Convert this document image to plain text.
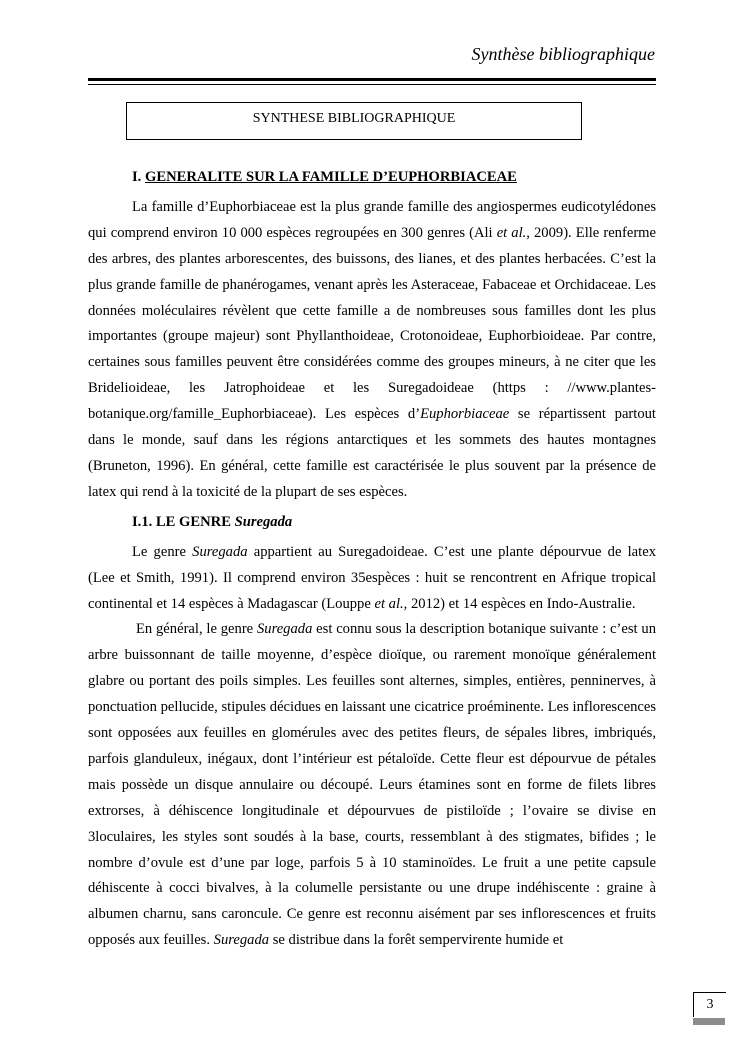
Synthèse bibliographique
SYNTHESE BIBLIOGRAPHIQUE

I. GENERALITE SUR LA FAMILLE D’EUPHORBIACEAE

La famille d’Euphorbiaceae est la plus grande famille des angiospermes eudicotylédones qui comprend environ 10 000 espèces regroupées en 300 genres (Ali et al., 2009). Elle renferme des arbres, des plantes arborescentes, des buissons, des lianes, et des plantes herbacées. C’est la plus grande famille de phanérogames, venant après les Asteraceae, Fabaceae et Orchidaceae. Les données moléculaires révèlent que cette famille a de nombreuses sous familles dont les plus importantes (groupe majeur) sont Phyllanthoideae, Crotonoideae, Euphorbioideae. Par contre, certaines sous familles peuvent être considérées comme des groupes mineurs, à ne citer que les Bridelioideae, les Jatrophoideae et les Suregadoideae (https : //www.plantes-botanique.org/famille_Euphorbiaceae). Les espèces d’Euphorbiaceae se répartissent partout dans le monde, sauf dans les régions antarctiques et les sommets des hautes montagnes (Bruneton, 1996). En général, cette famille est caractérisée le plus souvent par la présence de latex qui rend à la toxicité de la plupart de ses espèces.

I.1. LE GENRE Suregada

Le genre Suregada appartient au Suregadoideae. C’est une plante dépourvue de latex (Lee et Smith, 1991). Il comprend environ 35espèces : huit se rencontrent en Afrique tropical continental et 14 espèces à Madagascar (Louppe et al., 2012) et 14 espèces en Indo-Australie.

En général, le genre Suregada est connu sous la description botanique suivante : c’est un arbre buissonnant de taille moyenne, d’espèce dioïque, ou rarement monoïque généralement glabre ou portant des poils simples. Les feuilles sont alternes, simples, entières, penninerves, à ponctuation pellucide, stipules décidues en laissant une cicatrice proéminente. Les inflorescences sont opposées aux feuilles en glomérules avec des petites fleurs, de sépales libres, imbriqués, parfois glanduleux, inégaux, dont l’intérieur est pétaloïde. Cette fleur est dépourvue de pétales mais possède un disque annulaire ou découpé. Leurs étamines sont en forme de filets libres extrorses, à déhiscence longitudinale et dépourvues de pistiloïde ; l’ovaire se divise en 3loculaires, les styles sont soudés à la base, courts, ressemblant à des stigmates, bifides ; le nombre d’ovule est d’une par loge, parfois 5 à 10 staminoïdes. Le fruit a une petite capsule déhiscente à cocci bivalves, à la columelle persistante ou une drupe indéhiscente : graine à albumen charnu, sans caroncule. Ce genre est reconnu aisément par ses inflorescences et fruits opposés aux feuilles. Suregada se distribue dans la forêt sempervirente humide et

3
